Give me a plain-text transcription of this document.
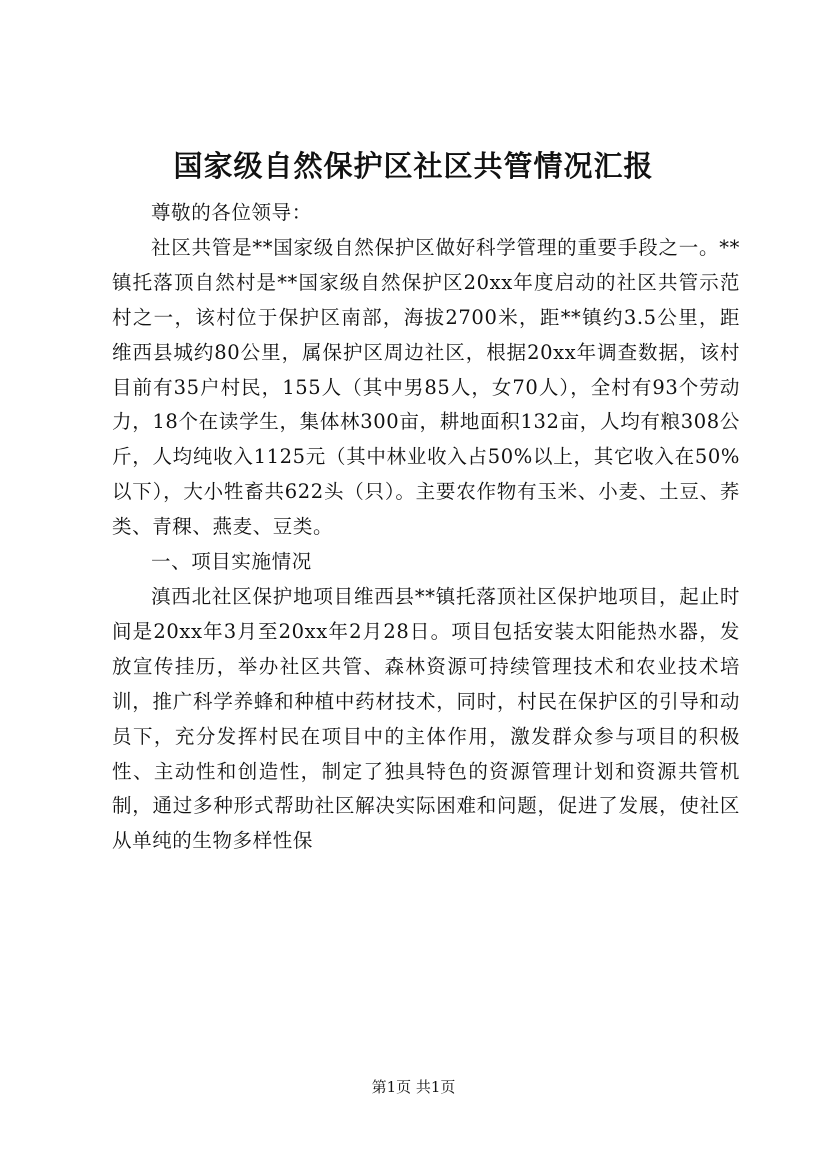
国家级自然保护区社区共管情况汇报

尊敬的各位领导：

社区共管是**国家级自然保护区做好科学管理的重要手段之一。**镇托落顶自然村是**国家级自然保护区20xx年度启动的社区共管示范村之一，该村位于保护区南部，海拔2700米，距**镇约3.5公里，距维西县城约80公里，属保护区周边社区，根据20xx年调查数据，该村目前有35户村民，155人（其中男85人，女70人），全村有93个劳动力，18个在读学生，集体林300亩，耕地面积132亩，人均有粮308公斤，人均纯收入1125元（其中林业收入占50%以上，其它收入在50%以下），大小牲畜共622头（只）。主要农作物有玉米、小麦、土豆、荞类、青稞、燕麦、豆类。

一、项目实施情况

滇西北社区保护地项目维西县**镇托落顶社区保护地项目，起止时间是20xx年3月至20xx年2月28日。项目包括安装太阳能热水器，发放宣传挂历，举办社区共管、森林资源可持续管理技术和农业技术培训，推广科学养蜂和种植中药材技术，同时，村民在保护区的引导和动员下，充分发挥村民在项目中的主体作用，激发群众参与项目的积极性、主动性和创造性，制定了独具特色的资源管理计划和资源共管机制，通过多种形式帮助社区解决实际困难和问题，促进了发展，使社区从单纯的生物多样性保

第1页 共1页
